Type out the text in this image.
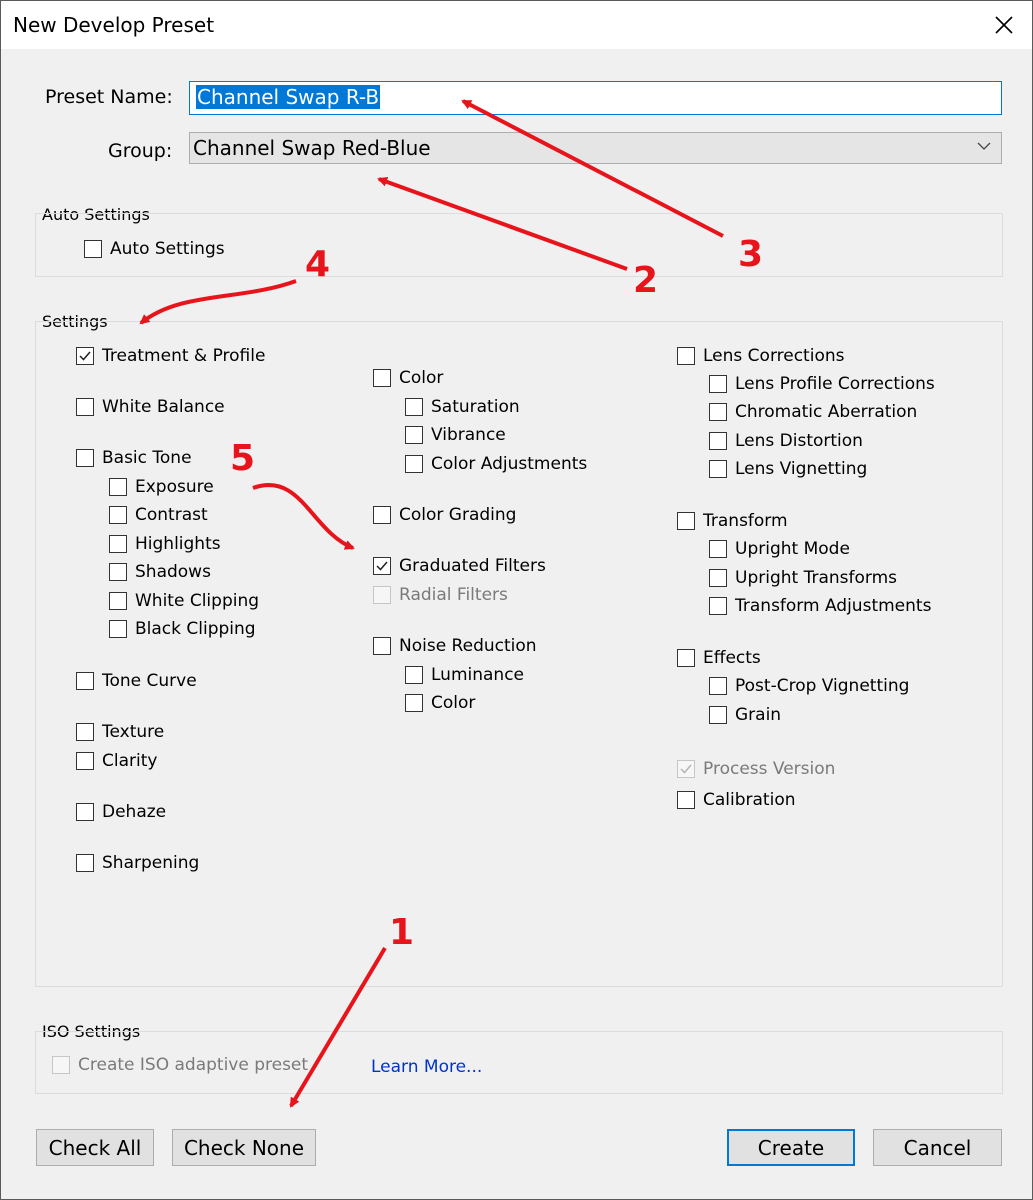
New Develop Preset
Preset Name:	Channel Swap R-B
Group: Channel Swap Red-Blue
Auto Settings
Auto Settings
Settings
Treatment & Profile
White Balance
Basic Tone
Exposure
Contrast
Highlights
Shadows
White Clipping
Black Clipping
Tone Curve
Texture
Clarity
Dehaze
Sharpening
Color
Saturation
Vibrance
Color Adjustments
Color Grading
Graduated Filters
Radial Filters
Noise Reduction
Luminance
Color
Lens Corrections
Lens Profile Corrections
Chromatic Aberration
Lens Distortion
Lens Vignetting
Transform
Upright Mode
Upright Transforms
Transform Adjustments
Effects
Post-Crop Vignetting
Grain
Process Version
Calibration
ISO Settings
Create ISO adaptive preset	Learn More...
Check All	Check None	Create	Cancel
1
2
3
4
5
